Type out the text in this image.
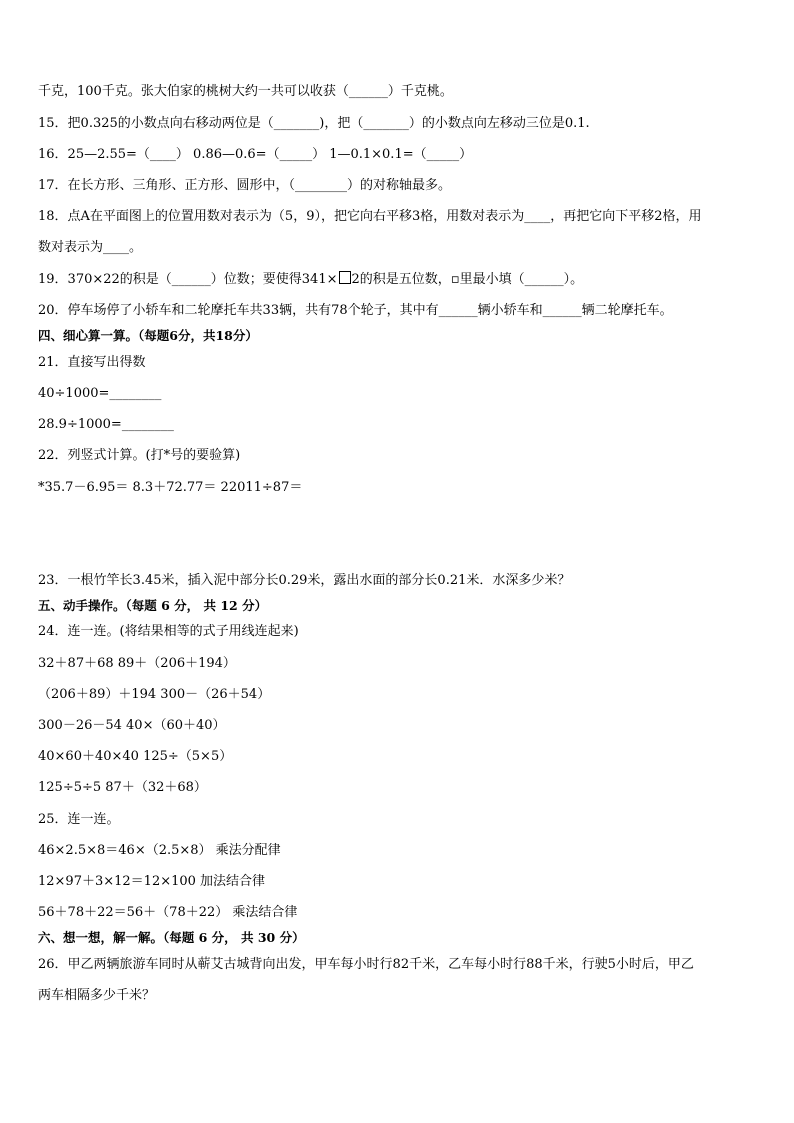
千克，100千克。张大伯家的桃树大约一共可以收获（______）千克桃。
15．把0.325的小数点向右移动两位是（_______)，把（_______）的小数点向左移动三位是0.1.
16．25—2.55=（____） 0.86—0.6=（_____） 1—0.1×0.1=（_____）
17．在长方形、三角形、正方形、圆形中，（________）的对称轴最多。
18．点A在平面图上的位置用数对表示为（5，9），把它向右平移3格，用数对表示为____，再把它向下平移2格，用
数对表示为____。
19．370×22的积是（______）位数；要使得341× 2的积是五位数，▫里最小填（______）。
20．停车场停了小轿车和二轮摩托车共33辆，共有78个轮子，其中有______辆小轿车和______辆二轮摩托车。
四、细心算一算。（每题6分，共18分）
21．直接写出得数
40÷1000=________
28.9÷1000=________
22．列竖式计算。(打*号的要验算)
*35.7－6.95＝ 8.3＋72.77＝ 22011÷87＝
23．一根竹竿长3.45米，插入泥中部分长0.29米，露出水面的部分长0.21米．水深多少米？
五、动手操作。（每题 6 分， 共 12 分）
24．连一连。(将结果相等的式子用线连起来)
32＋87＋68 89＋（206＋194）
（206＋89）＋194 300－（26＋54）
300－26－54 40×（60＋40）
40×60＋40×40 125÷（5×5）
125÷5÷5 87＋（32＋68）
25．连一连。
46×2.5×8＝46×（2.5×8） 乘法分配律
12×97＋3×12＝12×100 加法结合律
56＋78＋22＝56＋（78＋22） 乘法结合律
六、想一想，解一解。（每题 6 分， 共 30 分）
26．甲乙两辆旅游车同时从蕲艾古城背向出发，甲车每小时行82千米，乙车每小时行88千米，行驶5小时后，甲乙
两车相隔多少千米？
